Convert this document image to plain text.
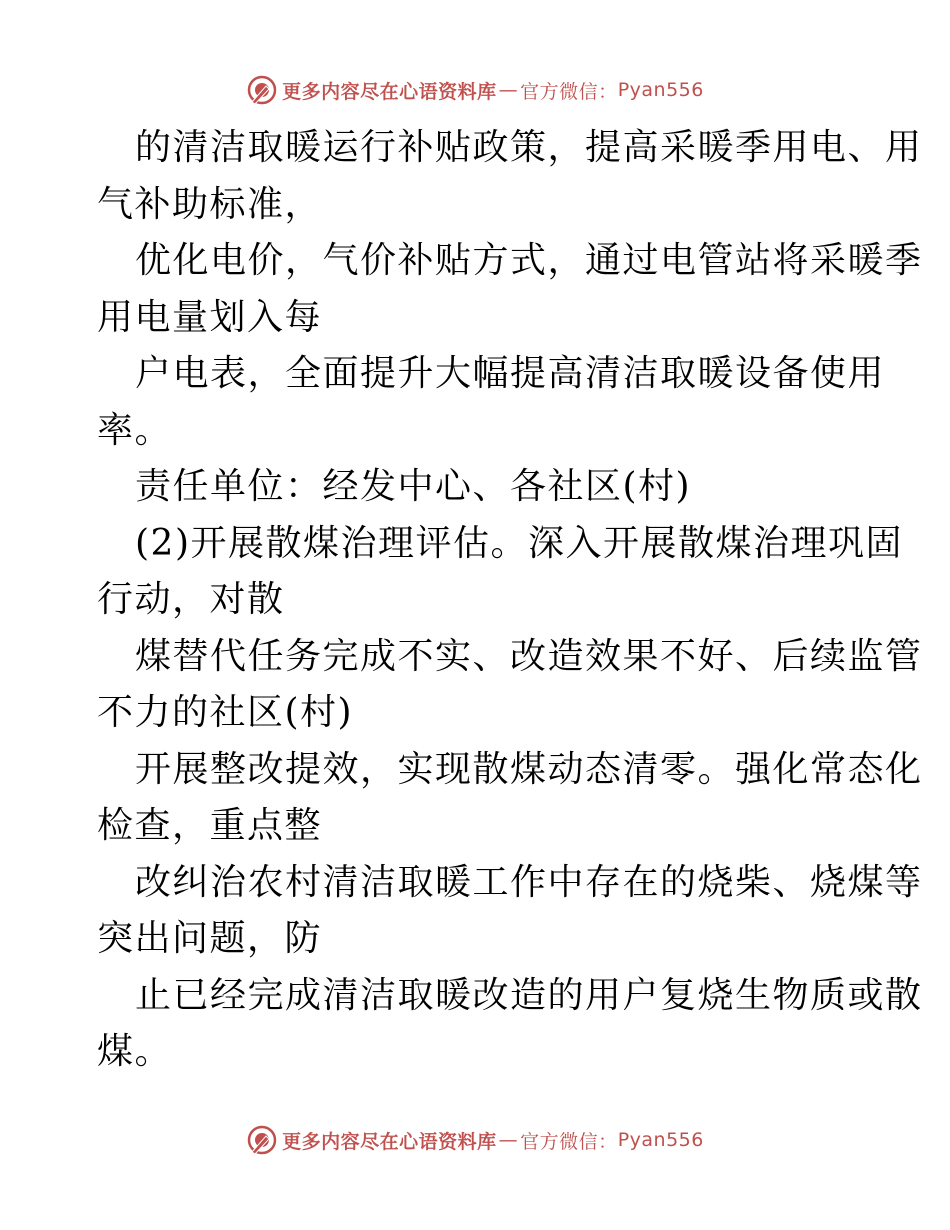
更多内容尽在心语资料库 — 官方微信： Pyan556
的清洁取暖运行补贴政策，提高采暖季用电、用
气补助标准，
优化电价，气价补贴方式，通过电管站将采暖季
用电量划入每
户电表，全面提升大幅提高清洁取暖设备使用
率。
责任单位：经发中心、各社区(村)
(2)开展散煤治理评估。深入开展散煤治理巩固
行动，对散
煤替代任务完成不实、改造效果不好、后续监管
不力的社区(村)
开展整改提效，实现散煤动态清零。强化常态化
检查，重点整
改纠治农村清洁取暖工作中存在的烧柴、烧煤等
突出问题，防
止已经完成清洁取暖改造的用户复烧生物质或散
煤。
更多内容尽在心语资料库 — 官方微信： Pyan556
